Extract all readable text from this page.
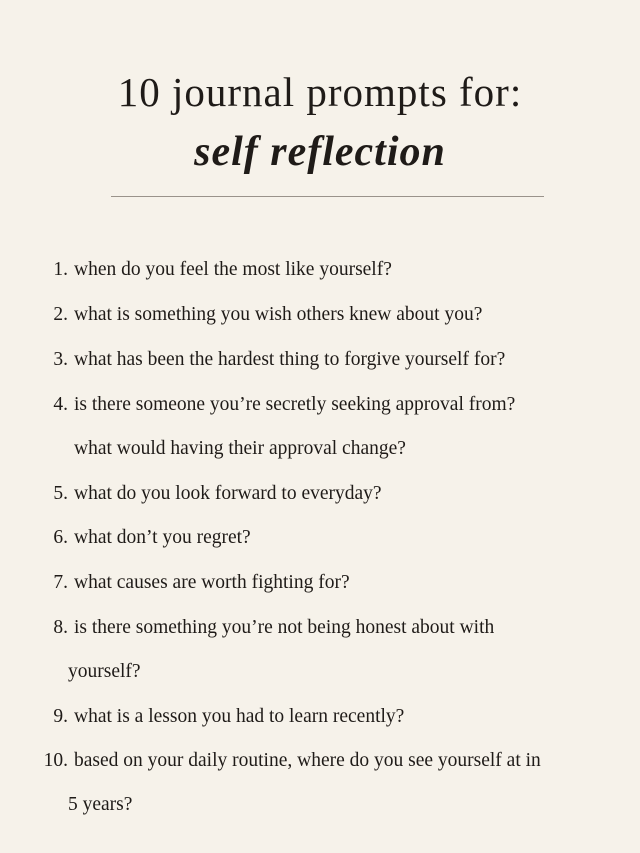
10 journal prompts for:
self reflection
1. when do you feel the most like yourself?
2. what is something you wish others knew about you?
3. what has been the hardest thing to forgive yourself for?
4. is there someone you’re secretly seeking approval from?
what would having their approval change?
5. what do you look forward to everyday?
6. what don’t you regret?
7. what causes are worth fighting for?
8. is there something you’re not being honest about with
yourself?
9. what is a lesson you had to learn recently?
10. based on your daily routine, where do you see yourself at in
5 years?
